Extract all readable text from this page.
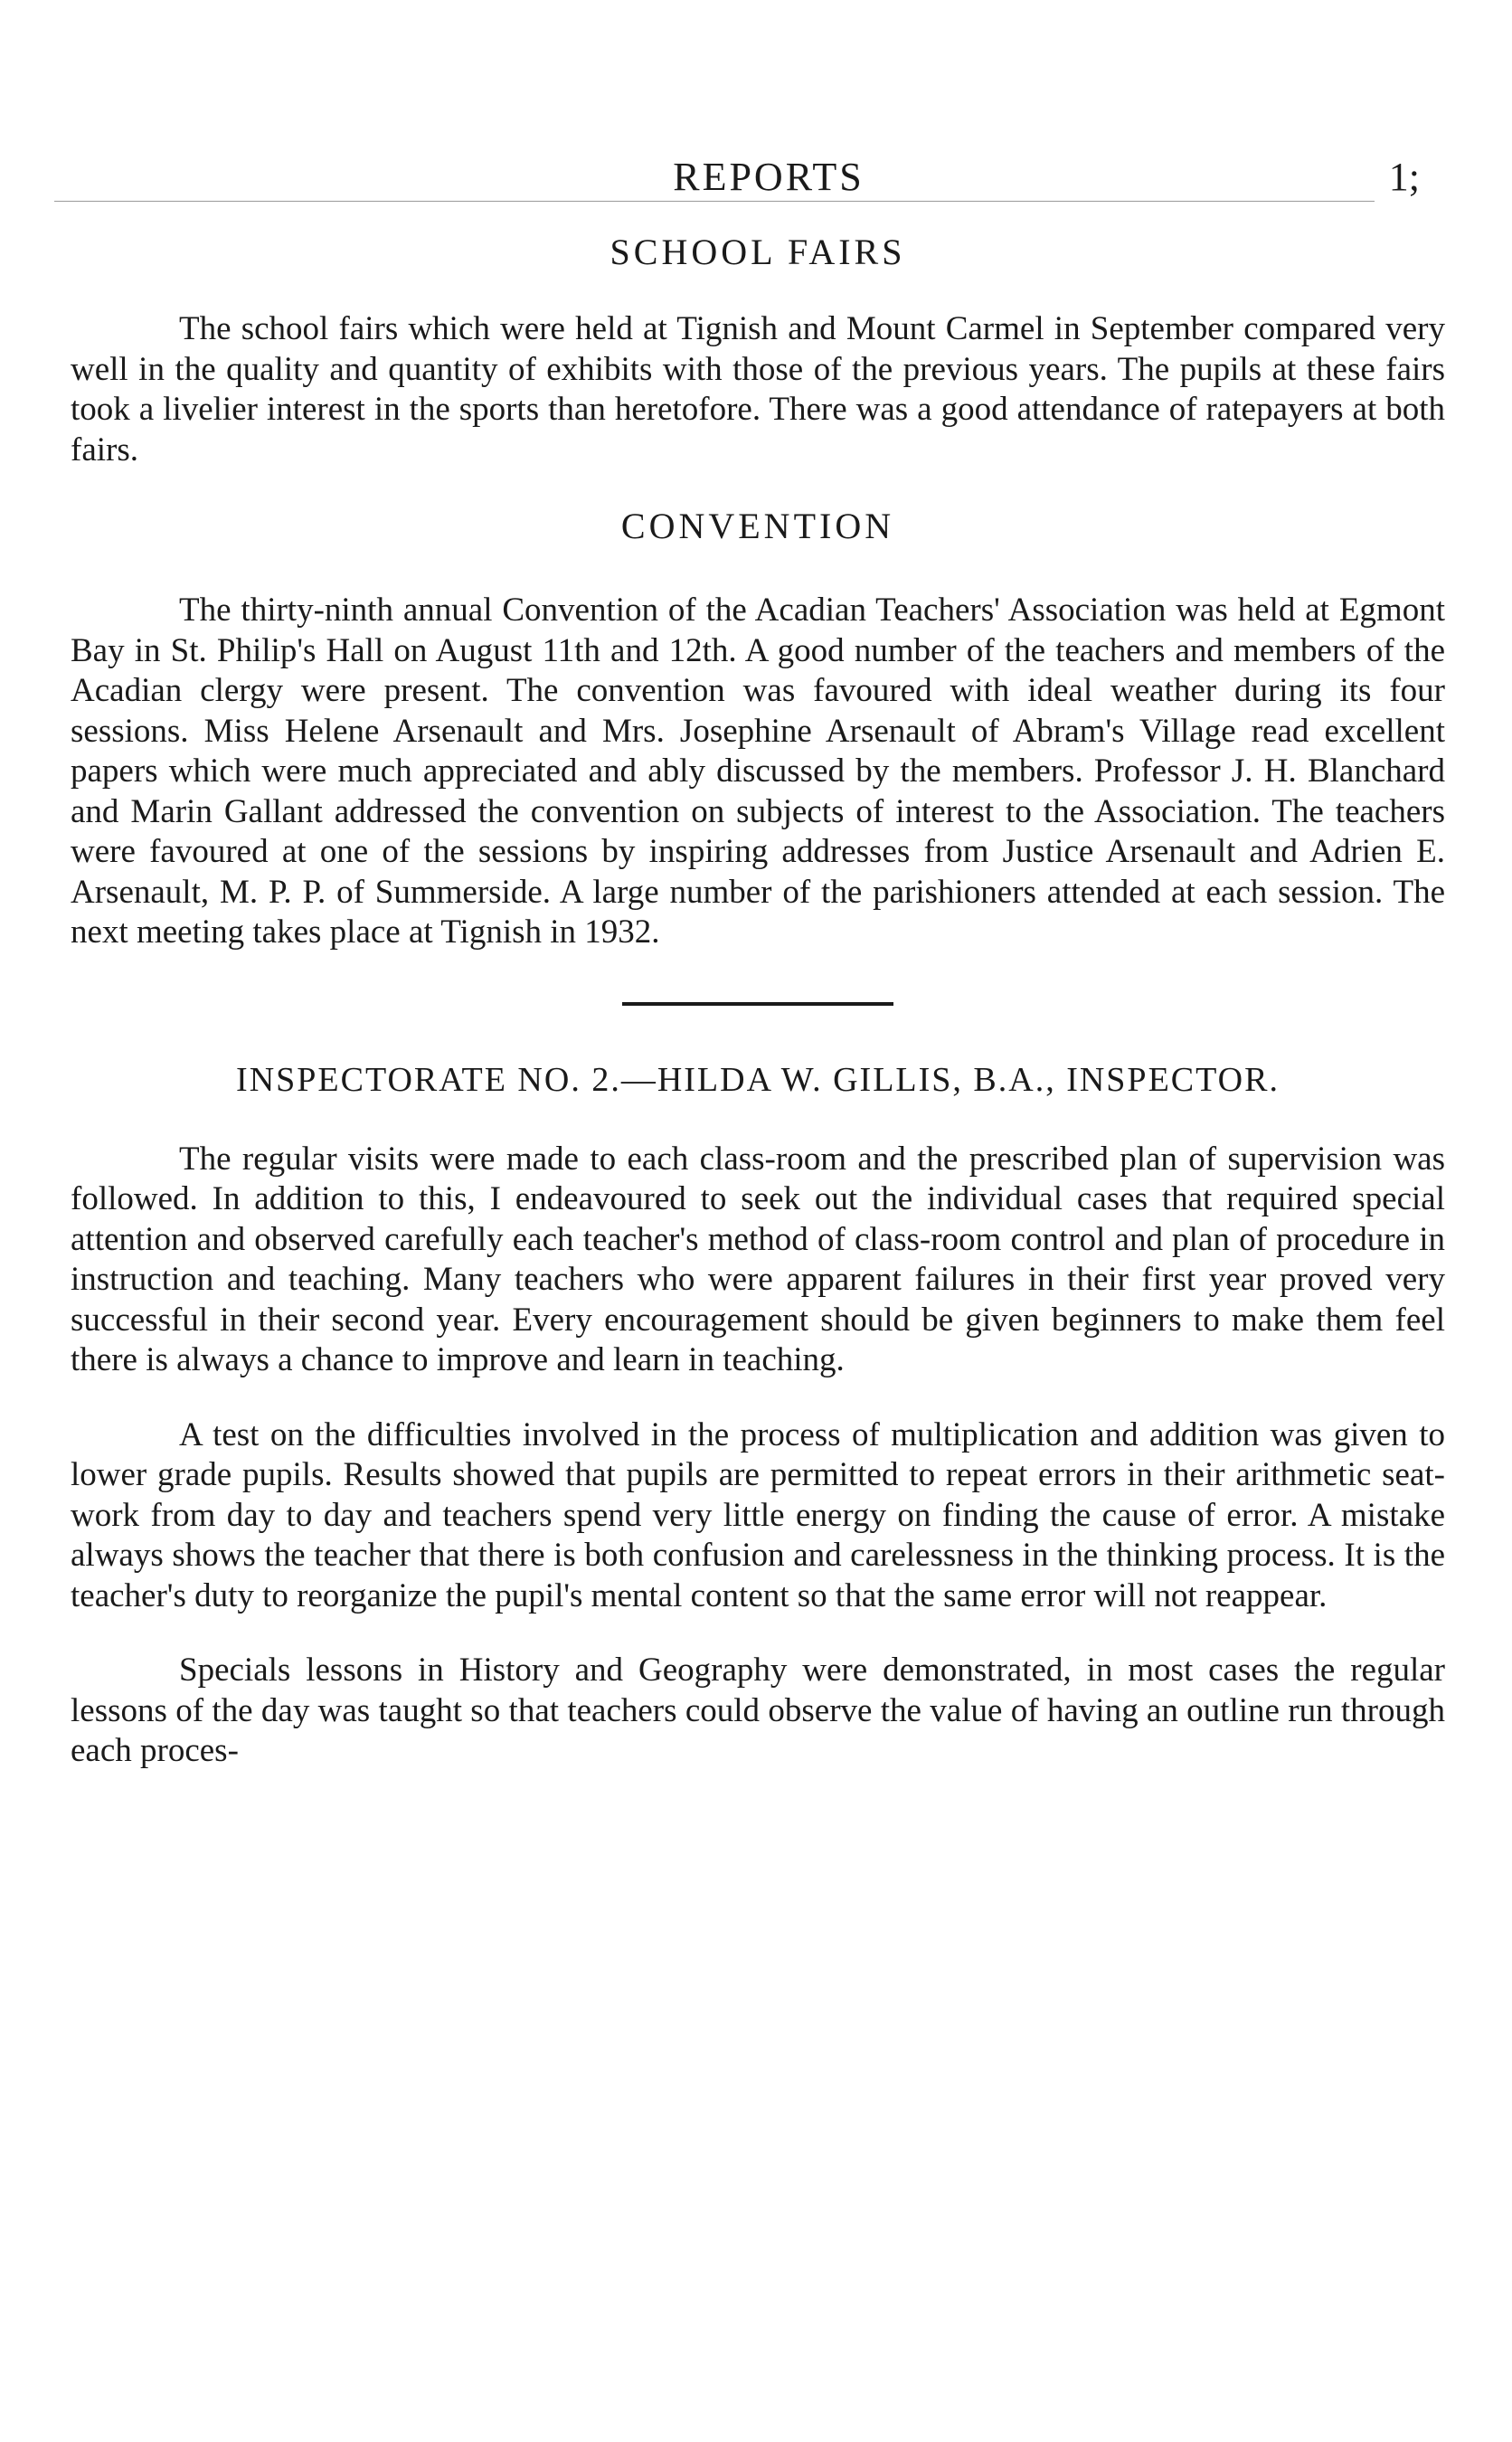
REPORTS	1;
SCHOOL FAIRS

The school fairs which were held at Tignish and Mount Carmel in September compared very well in the quality and quantity of exhibits with those of the previous years. The pupils at these fairs took a livelier interest in the sports than heretofore. There was a good attendance of ratepayers at both fairs.

CONVENTION

The thirty-ninth annual Convention of the Acadian Teachers' Association was held at Egmont Bay in St. Philip's Hall on August 11th and 12th. A good number of the teachers and members of the Acadian clergy were present. The convention was favoured with ideal weather during its four sessions. Miss Helene Arsenault and Mrs. Josephine Arsenault of Abram's Village read excellent papers which were much appreciated and ably discussed by the members. Professor J. H. Blanchard and Marin Gallant addressed the convention on subjects of interest to the Association. The teachers were favoured at one of the sessions by inspiring addresses from Justice Arsenault and Adrien E. Arsenault, M. P. P. of Summerside. A large number of the parishioners attended at each session. The next meeting takes place at Tignish in 1932.

INSPECTORATE NO. 2.—HILDA W. GILLIS, B.A., INSPECTOR.

The regular visits were made to each class-room and the prescribed plan of supervision was followed. In addition to this, I endeavoured to seek out the individual cases that required special attention and observed carefully each teacher's method of class-room control and plan of procedure in instruction and teaching. Many teachers who were apparent failures in their first year proved very successful in their second year. Every encouragement should be given beginners to make them feel there is always a chance to improve and learn in teaching.

A test on the difficulties involved in the process of multiplication and addition was given to lower grade pupils. Results showed that pupils are permitted to repeat errors in their arithmetic seat-work from day to day and teachers spend very little energy on finding the cause of error. A mistake always shows the teacher that there is both confusion and carelessness in the thinking process. It is the teacher's duty to reorganize the pupil's mental content so that the same error will not reappear.

Specials lessons in History and Geography were demonstrated, in most cases the regular lessons of the day was taught so that teachers could observe the value of having an outline run through each proces-
